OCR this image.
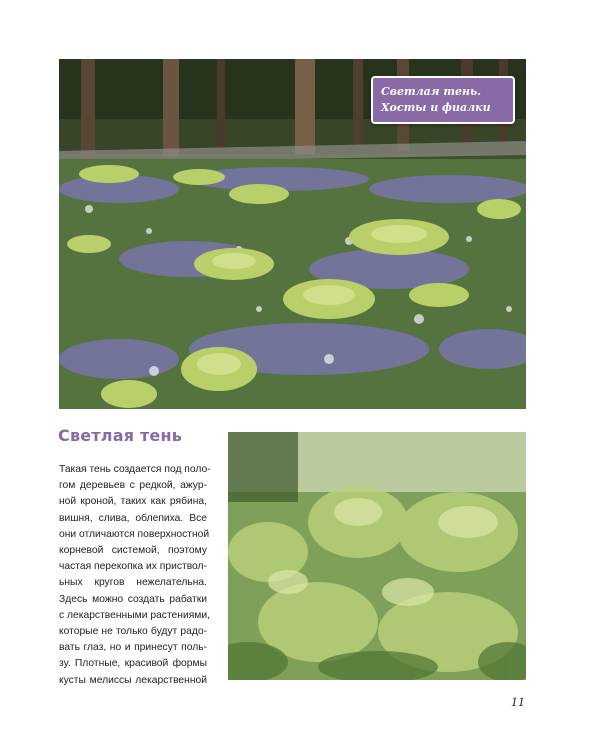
Светлая тень.
Хосты и фиалки
Светлая тень
Такая тень создается под поло-
гом деревьев с редкой, ажур-
ной кроной, таких как рябина,
вишня, слива, облепиха. Все
они отличаются поверхностной
корневой системой, поэтому
частая перекопка их приствол-
ьных кругов нежелательна.
Здесь можно создать рабатки
с лекарственными растениями,
которые не только будут радо-
вать глаз, но и принесут поль-
зу. Плотные, красивой формы
кусты мелиссы лекарственной
11
